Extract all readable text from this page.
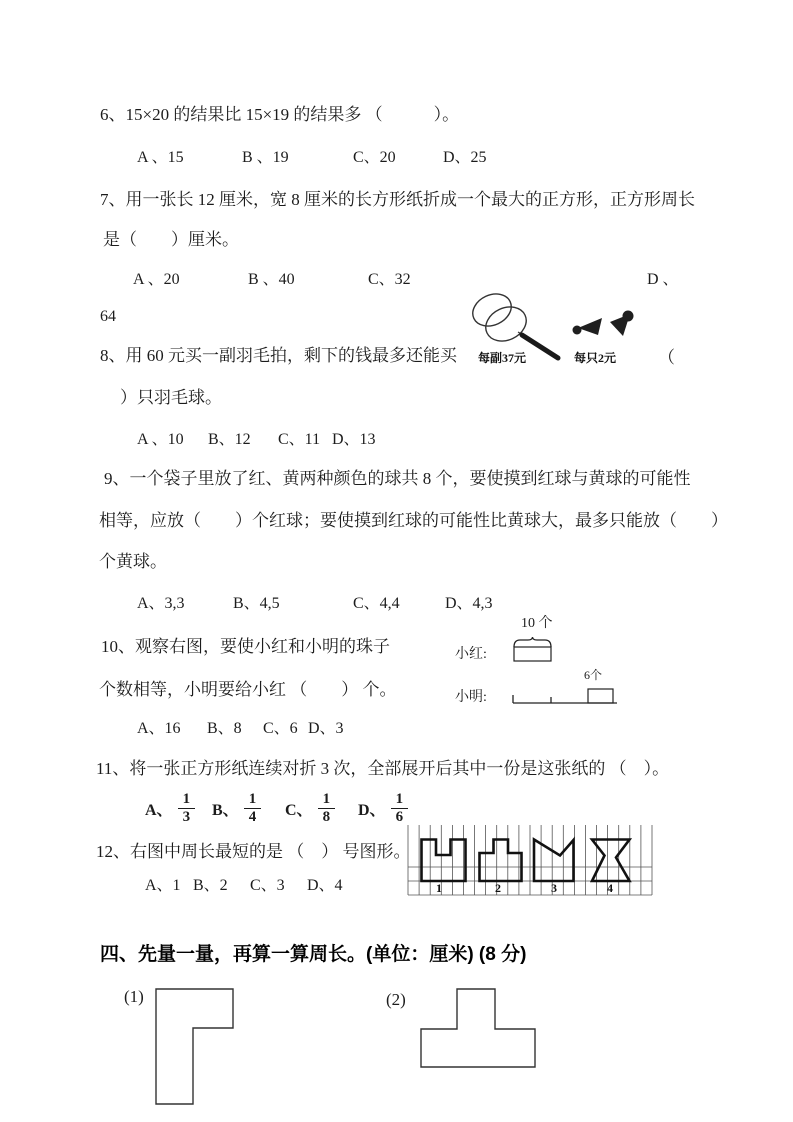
6、15×20 的结果比 15×19 的结果多 （　　　）。
A 、15	B 、19	C、20	D、25
7、用一张长 12 厘米，宽 8 厘米的长方形纸折成一个最大的正方形，正方形周长
是（　　）厘米。
A 、20	B 、40	C、32	D 、
64
8、用 60 元买一副羽毛拍，剩下的钱最多还能买	（
）只羽毛球。
A 、10 B、12 C、11 D、13
每副37元	每只2元
9、一个袋子里放了红、黄两种颜色的球共 8 个，要使摸到红球与黄球的可能性
相等，应放（　　）个红球；要使摸到红球的可能性比黄球大，最多只能放（　　）
个黄球。
A、3,3	B、4,5	C、4,4	D、4,3
10、观察右图，要使小红和小明的珠子
个数相等，小明要给小红 （　　） 个。
A、16 B、8 C、6 D、3
10 个
小红:
小明:
6个
11、将一张正方形纸连续对折 3 次，全部展开后其中一份是这张纸的 （　）。
A、 $\frac{1}{3}$ B、 $\frac{1}{4}$ C、 $\frac{1}{8}$ D、 $\frac{1}{6}$
12、右图中周长最短的是 （　） 号图形。
A、1 B、2 C、3 D、4	1	2	3	4
四、先量一量，再算一算周长。(单位：厘米) (8 分)
(1)	(2)
